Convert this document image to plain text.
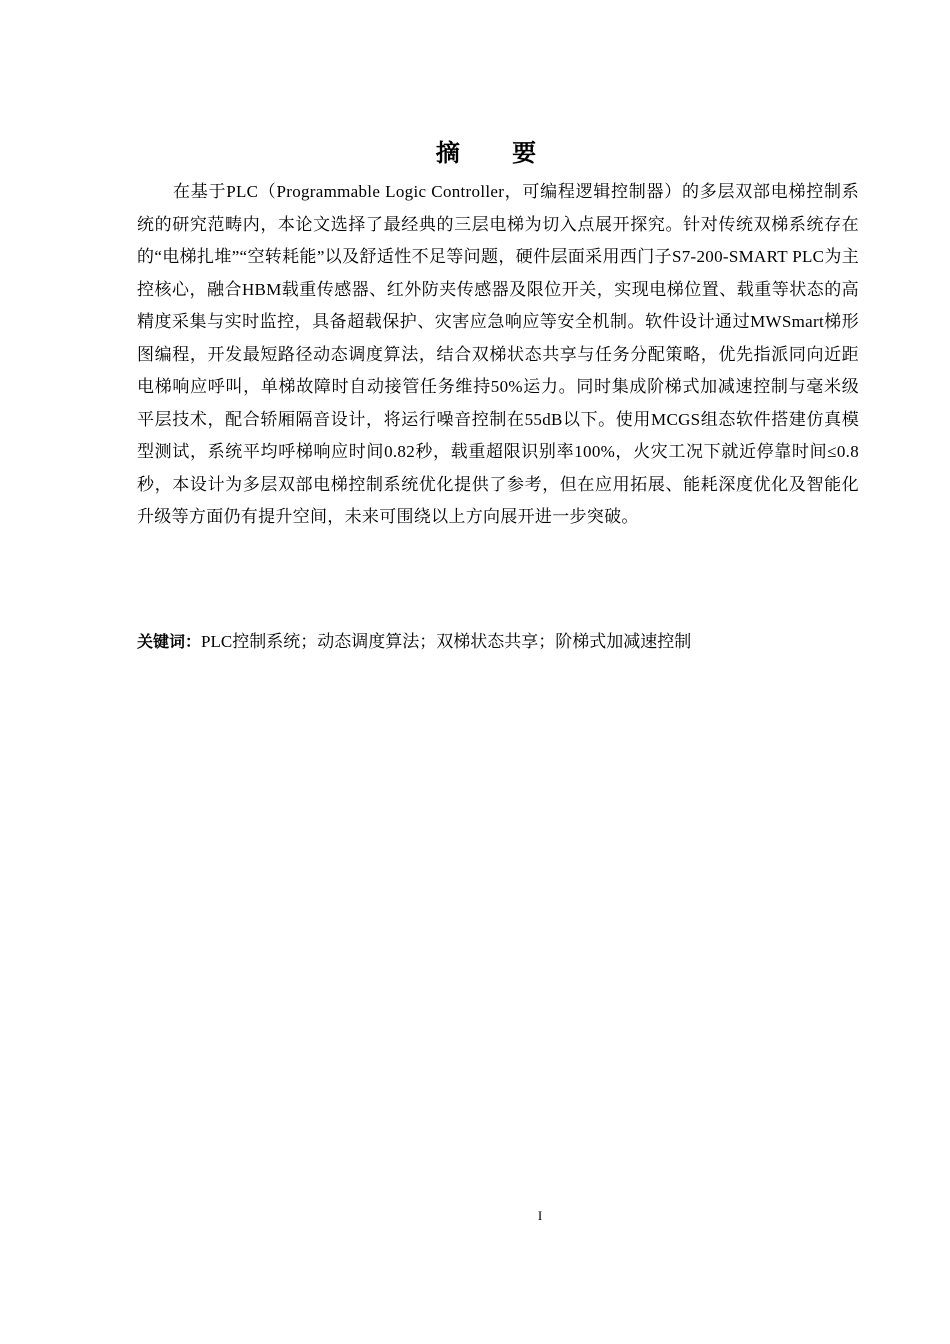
摘 要

在基于PLC（Programmable Logic Controller，可编程逻辑控制器）的多层双部电梯控制系统的研究范畴内，本论文选择了最经典的三层电梯为切入点展开探究。针对传统双梯系统存在的“电梯扎堆”“空转耗能”以及舒适性不足等问题，硬件层面采用西门子S7-200-SMART PLC为主控核心，融合HBM载重传感器、红外防夹传感器及限位开关，实现电梯位置、载重等状态的高精度采集与实时监控，具备超载保护、灾害应急响应等安全机制。软件设计通过MWSmart梯形图编程，开发最短路径动态调度算法，结合双梯状态共享与任务分配策略，优先指派同向近距电梯响应呼叫，单梯故障时自动接管任务维持50%运力。同时集成阶梯式加减速控制与毫米级平层技术，配合轿厢隔音设计，将运行噪音控制在55dB以下。使用MCGS组态软件搭建仿真模型测试，系统平均呼梯响应时间0.82秒，载重超限识别率100%，火灾工况下就近停靠时间≤0.8秒，本设计为多层双部电梯控制系统优化提供了参考，但在应用拓展、能耗深度优化及智能化升级等方面仍有提升空间，未来可围绕以上方向展开进一步突破。

关键词：PLC控制系统；动态调度算法；双梯状态共享；阶梯式加减速控制

I
